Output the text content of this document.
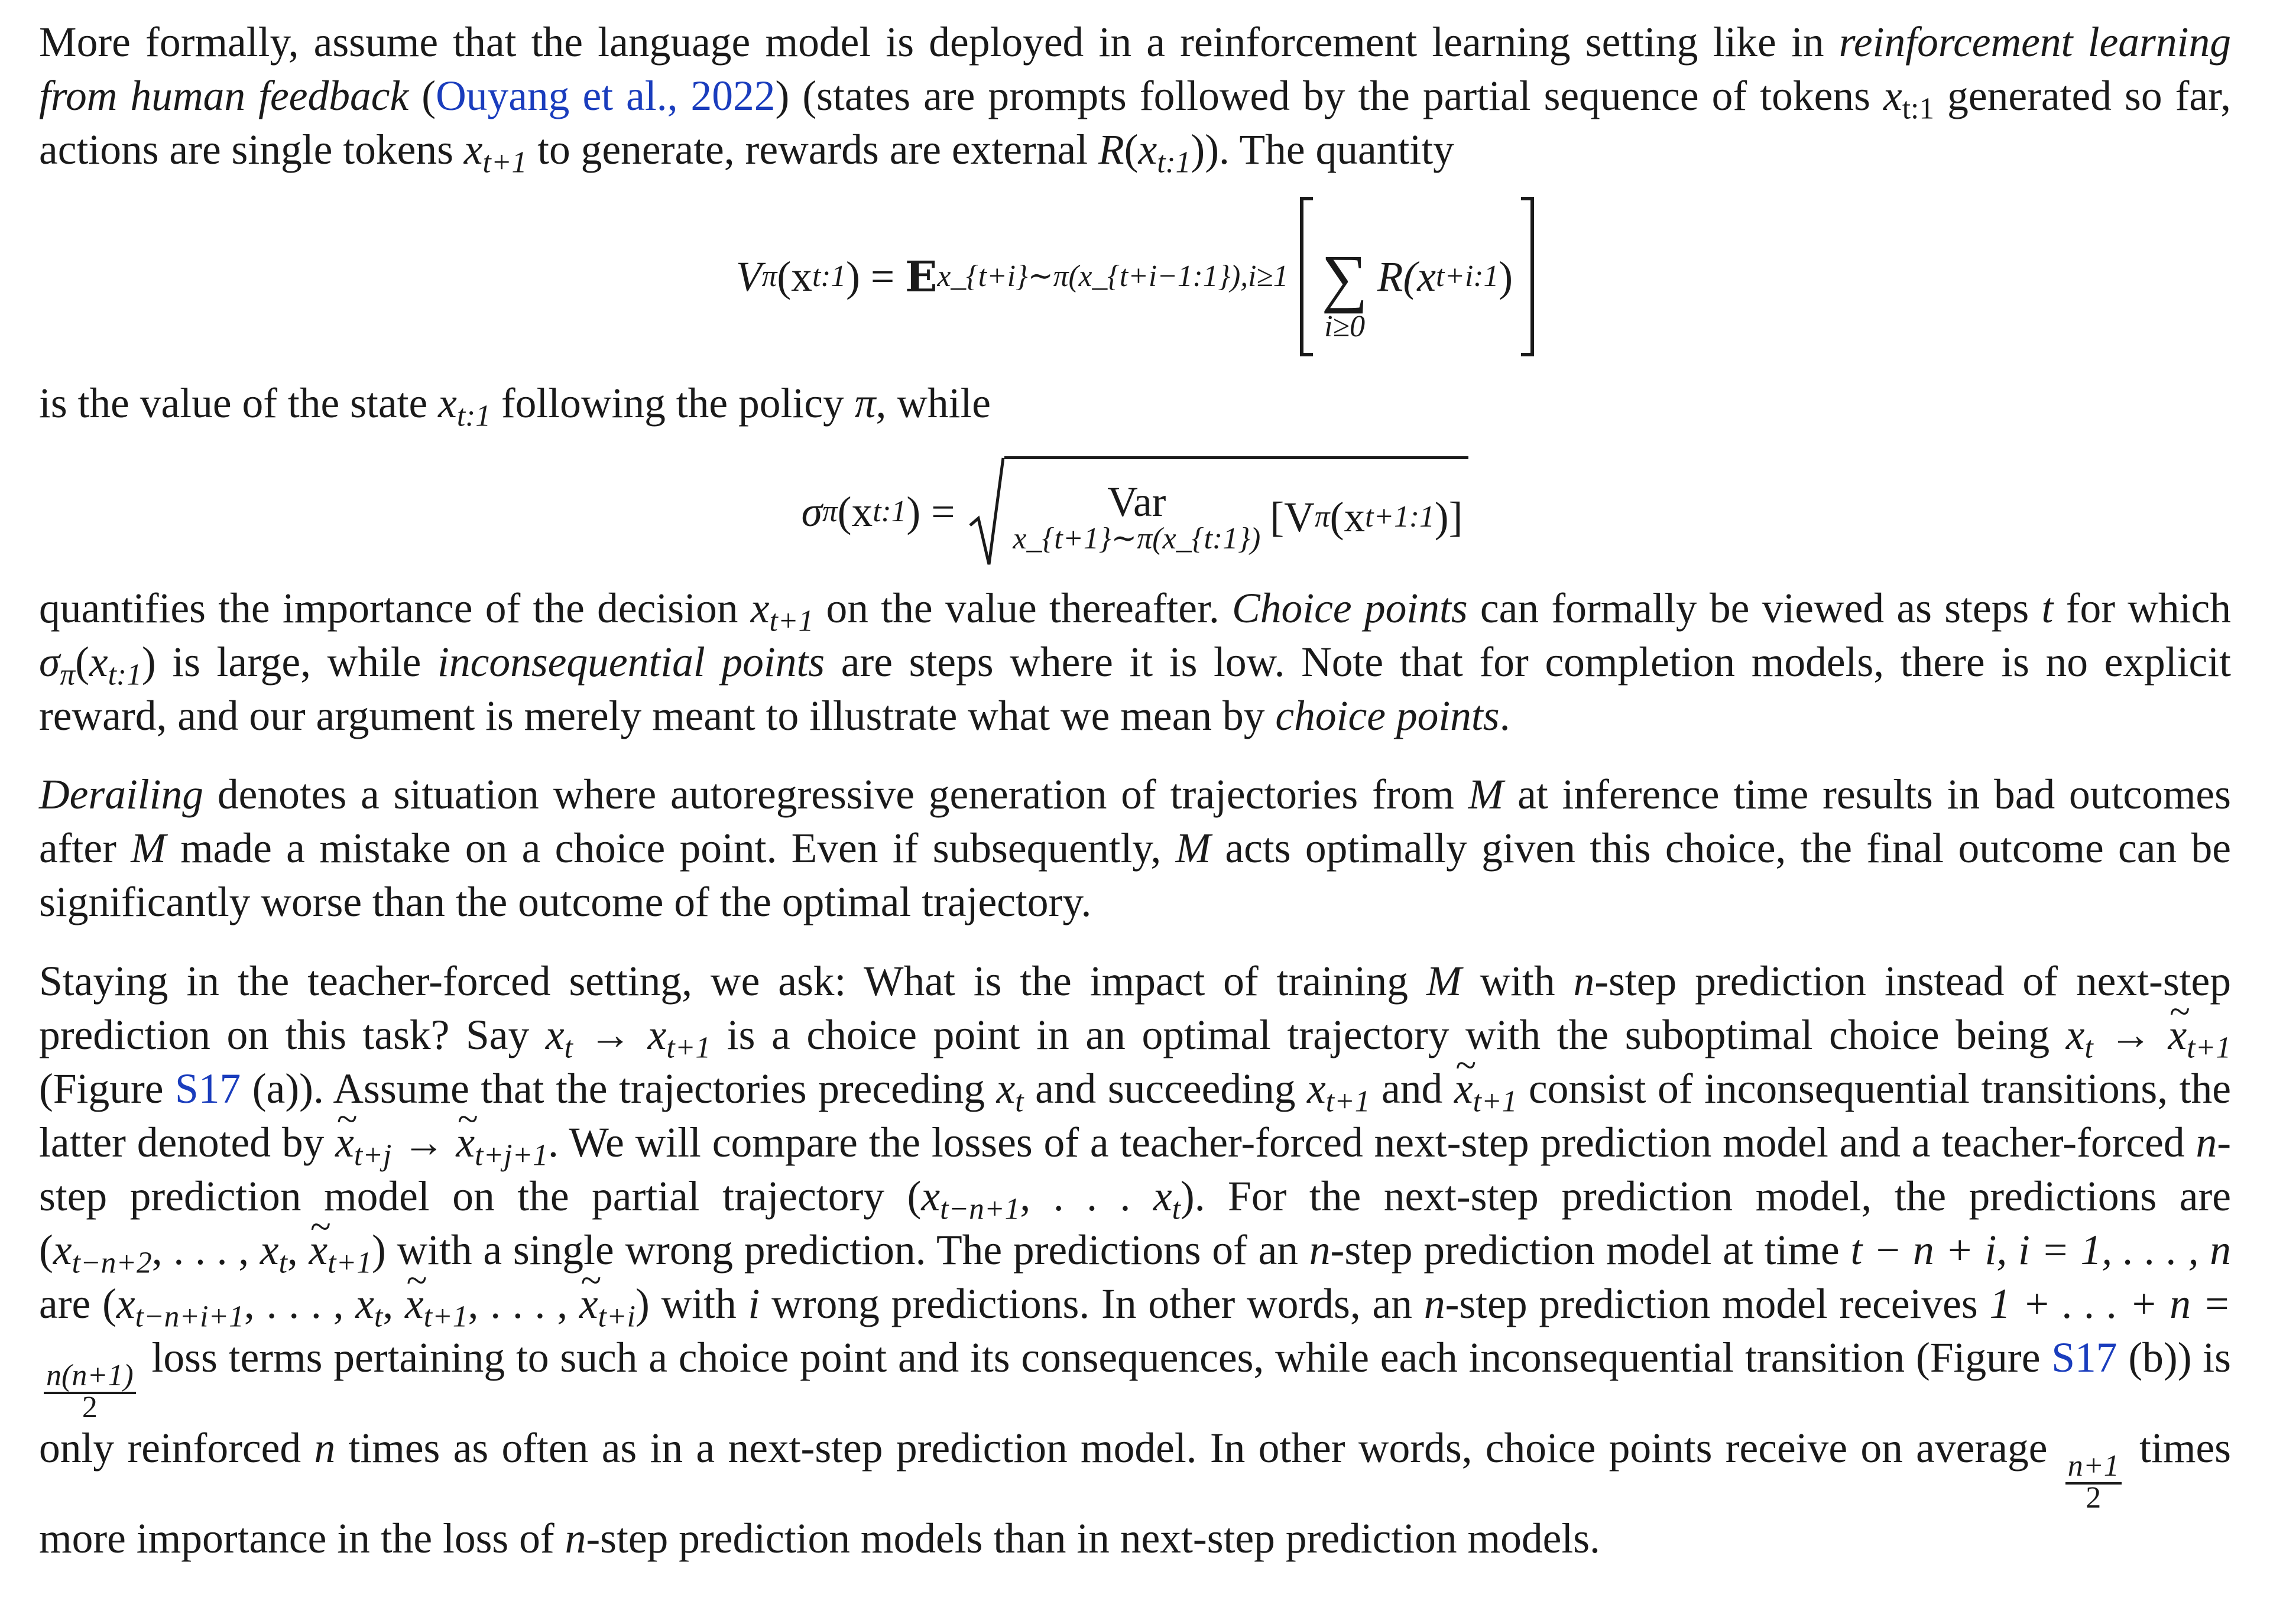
More formally, assume that the language model is deployed in a reinforcement learning setting like in reinforcement learning from human feedback (Ouyang et al., 2022) (states are prompts followed by the partial sequence of tokens $x_{t:1}$ generated so far, actions are single tokens $x_{t+1}$ to generate, rewards are external $R(x_{t:1})$). The quantity

V π (x t:1 ) = E x_{t+i}∼π(x_{t+i−1:1}),i≥1 ∑
i≥0
R(x t+i:1 )

is the value of the state $x_{t:1}$ following the policy π, while

σ π (x t:1 ) =	Var
x_{t+1}∼π(x_{t:1}) [V π (x t+1:1 )]

quantifies the importance of the decision $x_{t+1}$ on the value thereafter. Choice points can formally be viewed as steps t for which $\sigma_\pi(x_{t:1})$ is large, while inconsequential points are steps where it is low. Note that for completion models, there is no explicit reward, and our argument is merely meant to illustrate what we mean by choice points.

Derailing denotes a situation where autoregressive generation of trajectories from M at inference time results in bad outcomes after M made a mistake on a choice point. Even if subsequently, M acts optimally given this choice, the final outcome can be significantly worse than the outcome of the optimal trajectory.

Staying in the teacher-forced setting, we ask: What is the impact of training M with n-step prediction instead of next-step prediction on this task? Say $x_t \to x_{t+1}$ is a choice point in an optimal trajectory with the suboptimal choice being $x_t$ → ~ $x_{t+1}$ (Figure S17 (a)). Assume that the trajectories preceding $x_t$ and succeeding $x_{t+1}$ and ~ $x_{t+1}$ consist of inconsequential transitions, the latter denoted by ~ $x_{t+j}$ → ~ $x_{t+j+1}$. We will compare the losses of a teacher-forced next-step prediction model and a teacher-forced n-step prediction model on the partial trajectory ($x_{t-n+1}$, . . . $x_t$). For the next-step prediction model, the predictions are ($x_{t-n+2}$, . . . , $x_t$, ~ $x_{t+1}$) with a single wrong prediction. The predictions of an n-step prediction model at time t − n + i, i = 1, . . . , n are ($x_{t-n+i+1}$, . . . , $x_t$, ~ $x_{t+1}$, . . . , ~ $x_{t+i}$) with i wrong predictions. In other words, an n-step prediction model receives 1 + . . . + n =
$\frac{n(n+1)}{2}$
loss terms pertaining to such a choice point and its consequences, while each inconsequential transition (Figure S17 (b)) is only reinforced n times as often as in a next-step prediction model. In other words, choice points receive on average
$\frac{n+1}{2}$
times more importance in the loss of n-step prediction models than in next-step prediction models.
